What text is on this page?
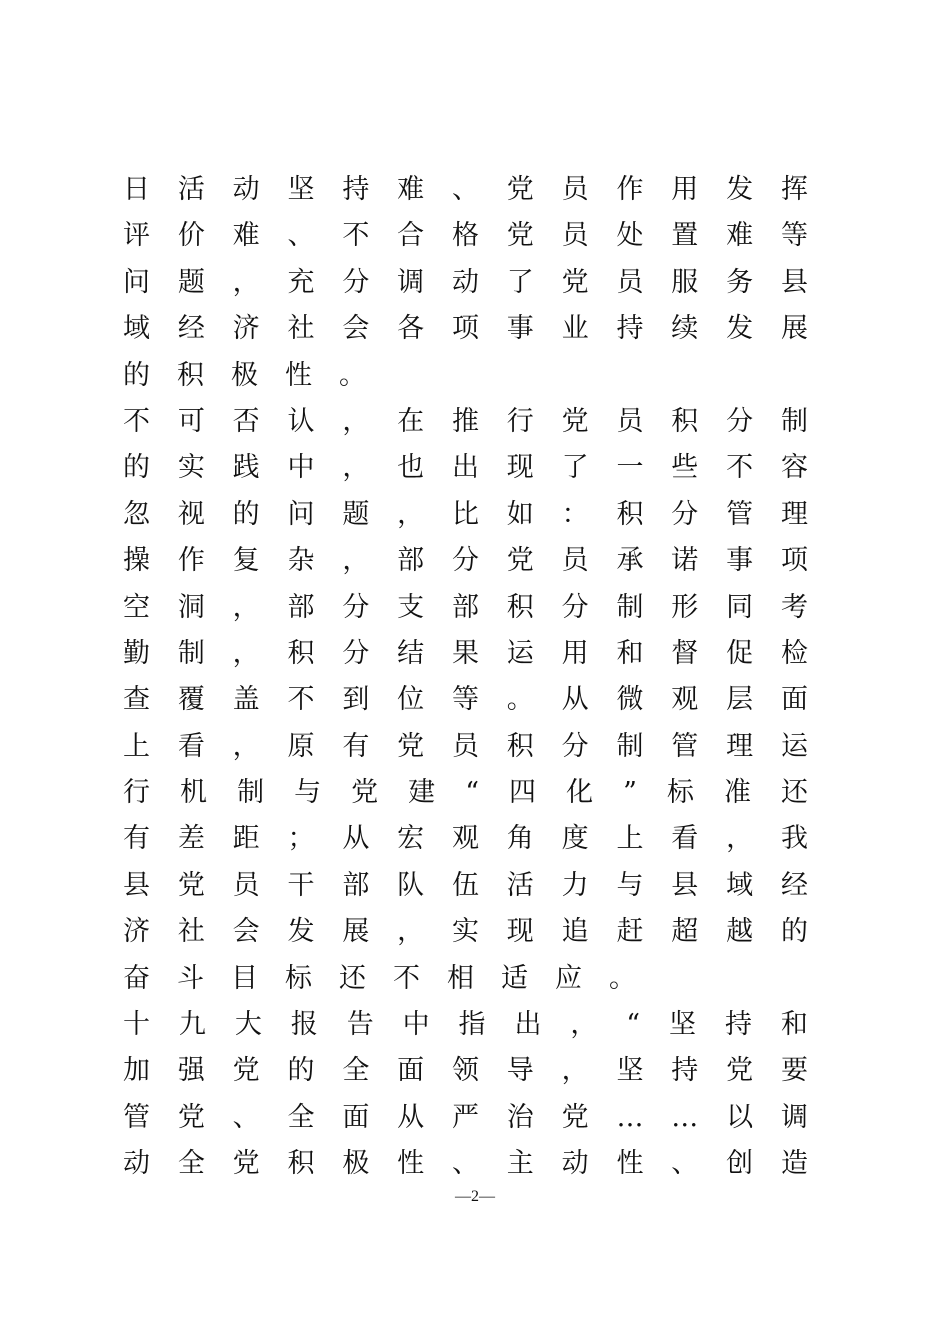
日 活 动 坚 持 难 、 党 员 作 用 发 挥
评 价 难 、 不 合 格 党 员 处 置 难 等
问 题 ， 充 分 调 动 了 党 员 服 务 县
域 经 济 社 会 各 项 事 业 持 续 发 展
的 积 极 性 。
不 可 否 认 ， 在 推 行 党 员 积 分 制
的 实 践 中 ， 也 出 现 了 一 些 不 容
忽 视 的 问 题 ， 比 如 ： 积 分 管 理
操 作 复 杂 ， 部 分 党 员 承 诺 事 项
空 洞 ， 部 分 支 部 积 分 制 形 同 考
勤 制 ， 积 分 结 果 运 用 和 督 促 检
查 覆 盖 不 到 位 等 。 从 微 观 层 面
上 看 ， 原 有 党 员 积 分 制 管 理 运
行 机 制 与 党 建 “ 四 化 ” 标 准 还
有 差 距 ； 从 宏 观 角 度 上 看 ， 我
县 党 员 干 部 队 伍 活 力 与 县 域 经
济 社 会 发 展 ， 实 现 追 赶 超 越 的
奋 斗 目 标 还 不 相 适 应 。
十 九 大 报 告 中 指 出 ， “ 坚 持 和
加 强 党 的 全 面 领 导 ， 坚 持 党 要
管 党 、 全 面 从 严 治 党 … … 以 调
动 全 党 积 极 性 、 主 动 性 、 创 造
—2—
